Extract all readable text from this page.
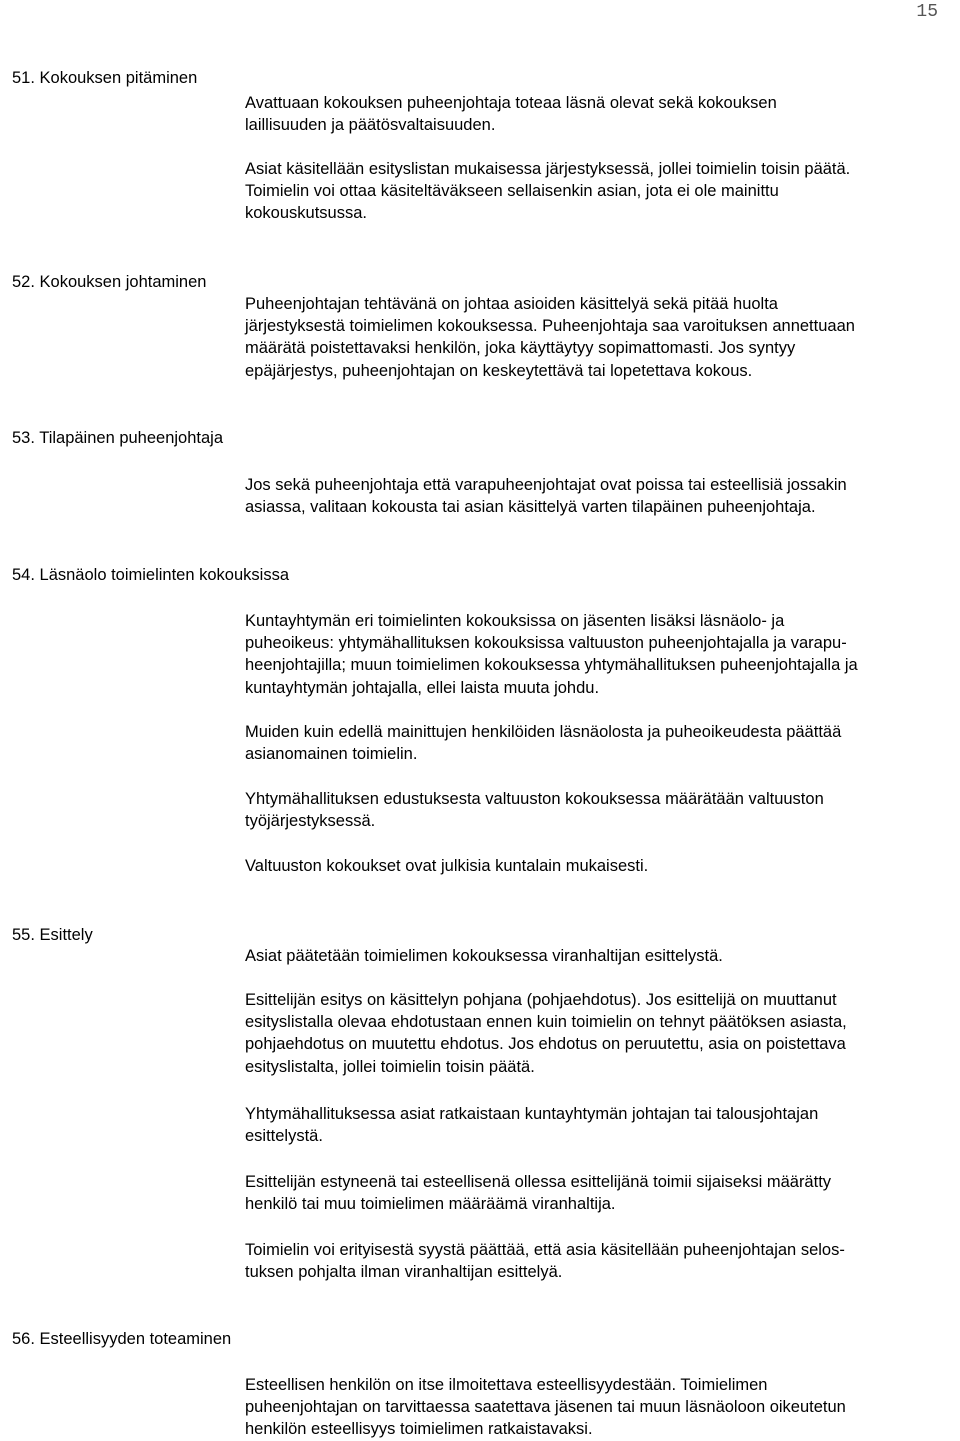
15
51. Kokouksen pitäminen
Avattuaan kokouksen puheenjohtaja toteaa läsnä olevat sekä kokouksen
laillisuuden ja päätösvaltaisuuden.
Asiat käsitellään esityslistan mukaisessa järjestyksessä, jollei toimielin toisin päätä.
Toimielin voi ottaa käsiteltäväkseen sellaisenkin asian, jota ei ole mainittu
kokouskutsussa.
52. Kokouksen johtaminen
Puheenjohtajan tehtävänä on johtaa asioiden käsittelyä sekä pitää huolta
järjestyksestä toimielimen kokouksessa. Puheenjohtaja saa varoituksen annettuaan
määrätä poistettavaksi henkilön, joka käyttäytyy sopimattomasti. Jos syntyy
epäjärjestys, puheenjohtajan on keskeytettävä tai lopetettava kokous.
53. Tilapäinen puheenjohtaja
Jos sekä puheenjohtaja että varapuheenjohtajat ovat poissa tai esteellisiä jossakin
asiassa, valitaan kokousta tai asian käsittelyä varten tilapäinen puheenjohtaja.
54. Läsnäolo toimielinten kokouksissa
Kuntayhtymän eri toimielinten kokouksissa on jäsenten lisäksi läsnäolo- ja
puheoikeus: yhtymähallituksen kokouksissa valtuuston puheenjohtajalla ja varapu-
heenjohtajilla; muun toimielimen kokouksessa yhtymähallituksen puheenjohtajalla ja
kuntayhtymän johtajalla, ellei laista muuta johdu.
Muiden kuin edellä mainittujen henkilöiden läsnäolosta ja puheoikeudesta päättää
asianomainen toimielin.
Yhtymähallituksen edustuksesta valtuuston kokouksessa määrätään valtuuston
työjärjestyksessä.
Valtuuston kokoukset ovat julkisia kuntalain mukaisesti.
55. Esittely
Asiat päätetään toimielimen kokouksessa viranhaltijan esittelystä.
Esittelijän esitys on käsittelyn pohjana (pohjaehdotus). Jos esittelijä on muuttanut
esityslistalla olevaa ehdotustaan ennen kuin toimielin on tehnyt päätöksen asiasta,
pohjaehdotus on muutettu ehdotus. Jos ehdotus on peruutettu, asia on poistettava
esityslistalta, jollei toimielin toisin päätä.
Yhtymähallituksessa asiat ratkaistaan kuntayhtymän johtajan tai talousjohtajan
esittelystä.
Esittelijän estyneenä tai esteellisenä ollessa esittelijänä toimii sijaiseksi määrätty
henkilö tai muu toimielimen määräämä viranhaltija.
Toimielin voi erityisestä syystä päättää, että asia käsitellään puheenjohtajan selos-
tuksen pohjalta ilman viranhaltijan esittelyä.
56. Esteellisyyden toteaminen
Esteellisen henkilön on itse ilmoitettava esteellisyydestään. Toimielimen
puheenjohtajan on tarvittaessa saatettava jäsenen tai muun läsnäoloon oikeutetun
henkilön esteellisyys toimielimen ratkaistavaksi.
